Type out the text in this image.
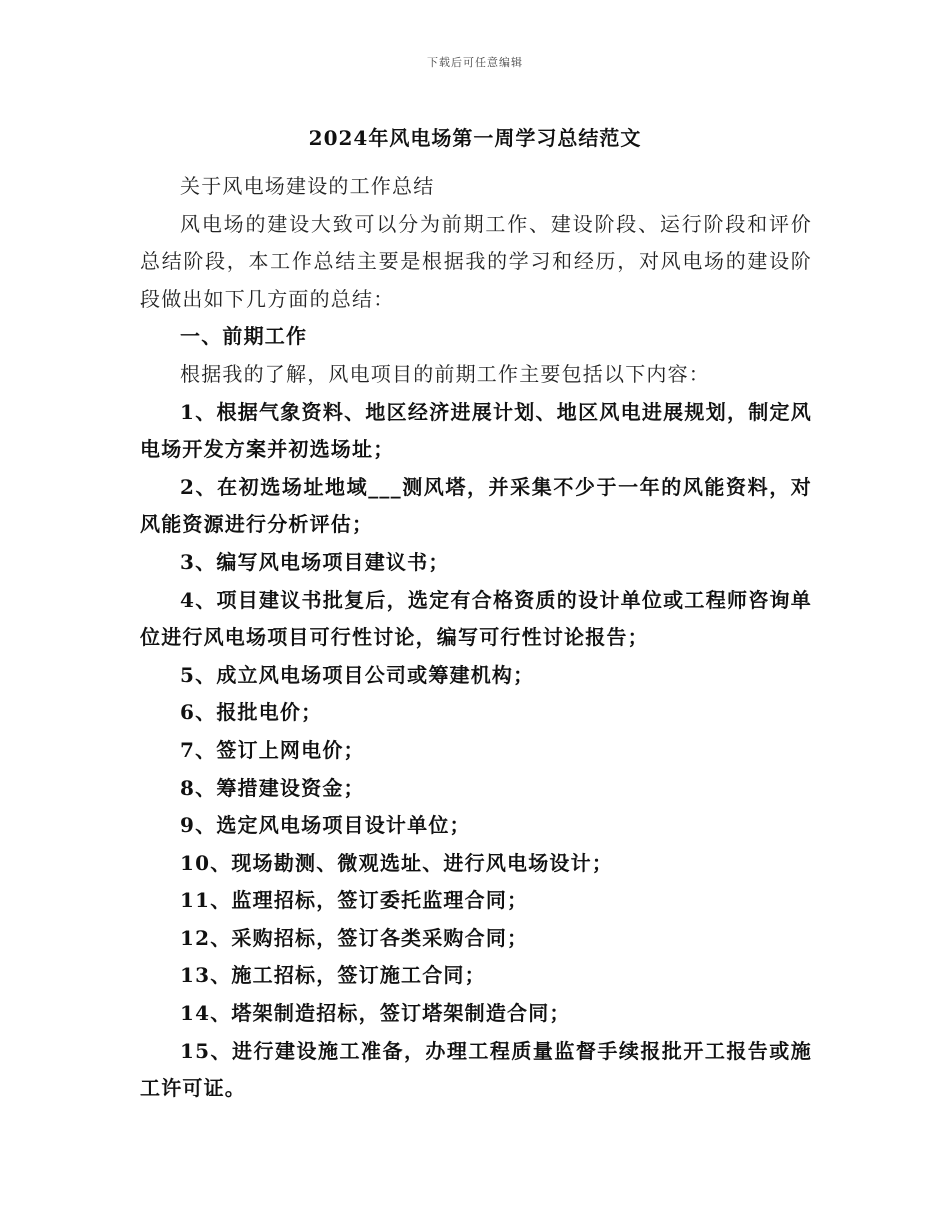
下载后可任意编辑
2024年风电场第一周学习总结范文

关于风电场建设的工作总结

风电场的建设大致可以分为前期工作、建设阶段、运行阶段和评价总结阶段，本工作总结主要是根据我的学习和经历，对风电场的建设阶段做出如下几方面的总结：

一、前期工作

根据我的了解，风电项目的前期工作主要包括以下内容：

1、根据气象资料、地区经济进展计划、地区风电进展规划，制定风电场开发方案并初选场址；

2、在初选场址地域___测风塔，并采集不少于一年的风能资料，对风能资源进行分析评估；

3、编写风电场项目建议书；

4、项目建议书批复后，选定有合格资质的设计单位或工程师咨询单位进行风电场项目可行性讨论，编写可行性讨论报告；

5、成立风电场项目公司或筹建机构；

6、报批电价；

7、签订上网电价；

8、筹措建设资金；

9、选定风电场项目设计单位；

10、现场勘测、微观选址、进行风电场设计；

11、监理招标，签订委托监理合同；

12、采购招标，签订各类采购合同；

13、施工招标，签订施工合同；

14、塔架制造招标，签订塔架制造合同；

15、进行建设施工准备，办理工程质量监督手续报批开工报告或施工许可证。
